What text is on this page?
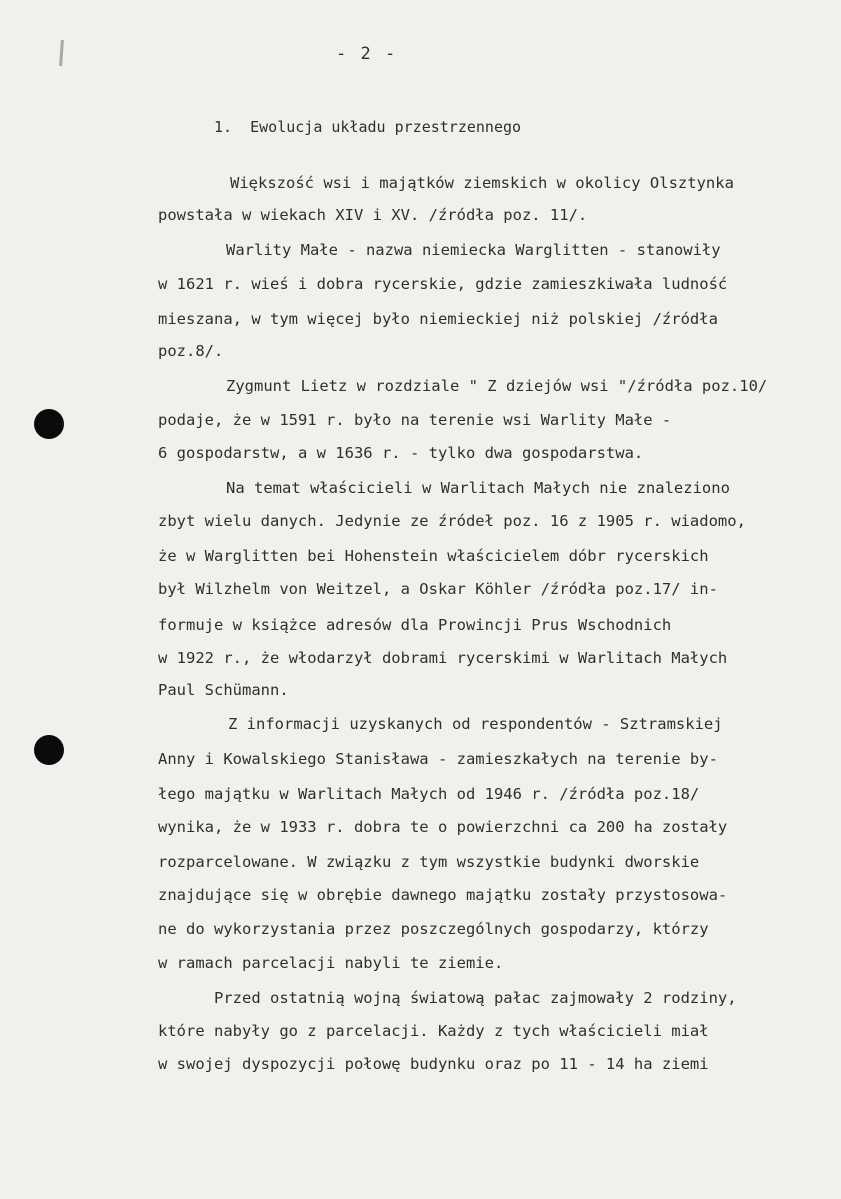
- 2 -
1.  Ewolucja układu przestrzennego
Większość wsi i majątków ziemskich w okolicy Olsztynka
powstała w wiekach XIV i XV. /źródła poz. 11/.
Warlity Małe - nazwa niemiecka Warglitten - stanowiły
w 1621 r. wieś i dobra rycerskie, gdzie zamieszkiwała ludność
mieszana, w tym więcej było niemieckiej niż polskiej /źródła
poz.8/.
Zygmunt Lietz w rozdziale " Z dziejów wsi "/źródła poz.10/
podaje, że w 1591 r. było na terenie wsi Warlity Małe -
6 gospodarstw, a w 1636 r. - tylko dwa gospodarstwa.
Na temat właścicieli w Warlitach Małych nie znaleziono
zbyt wielu danych. Jedynie ze źródeł poz. 16 z 1905 r. wiadomo,
że w Warglitten bei Hohenstein właścicielem dóbr rycerskich
był Wilzhelm von Weitzel, a Oskar Köhler /źródła poz.17/ in-
formuje w książce adresów dla Prowincji Prus Wschodnich
w 1922 r., że włodarzył dobrami rycerskimi w Warlitach Małych
Paul Schümann.
Z informacji uzyskanych od respondentów - Sztramskiej
Anny i Kowalskiego Stanisława - zamieszkałych na terenie by-
łego majątku w Warlitach Małych od 1946 r. /źródła poz.18/
wynika, że w 1933 r. dobra te o powierzchni ca 200 ha zostały
rozparcelowane. W związku z tym wszystkie budynki dworskie
znajdujące się w obrębie dawnego majątku zostały przystosowa-
ne do wykorzystania przez poszczególnych gospodarzy, którzy
w ramach parcelacji nabyli te ziemie.
Przed ostatnią wojną światową pałac zajmowały 2 rodziny,
które nabyły go z parcelacji. Każdy z tych właścicieli miał
w swojej dyspozycji połowę budynku oraz po 11 - 14 ha ziemi
